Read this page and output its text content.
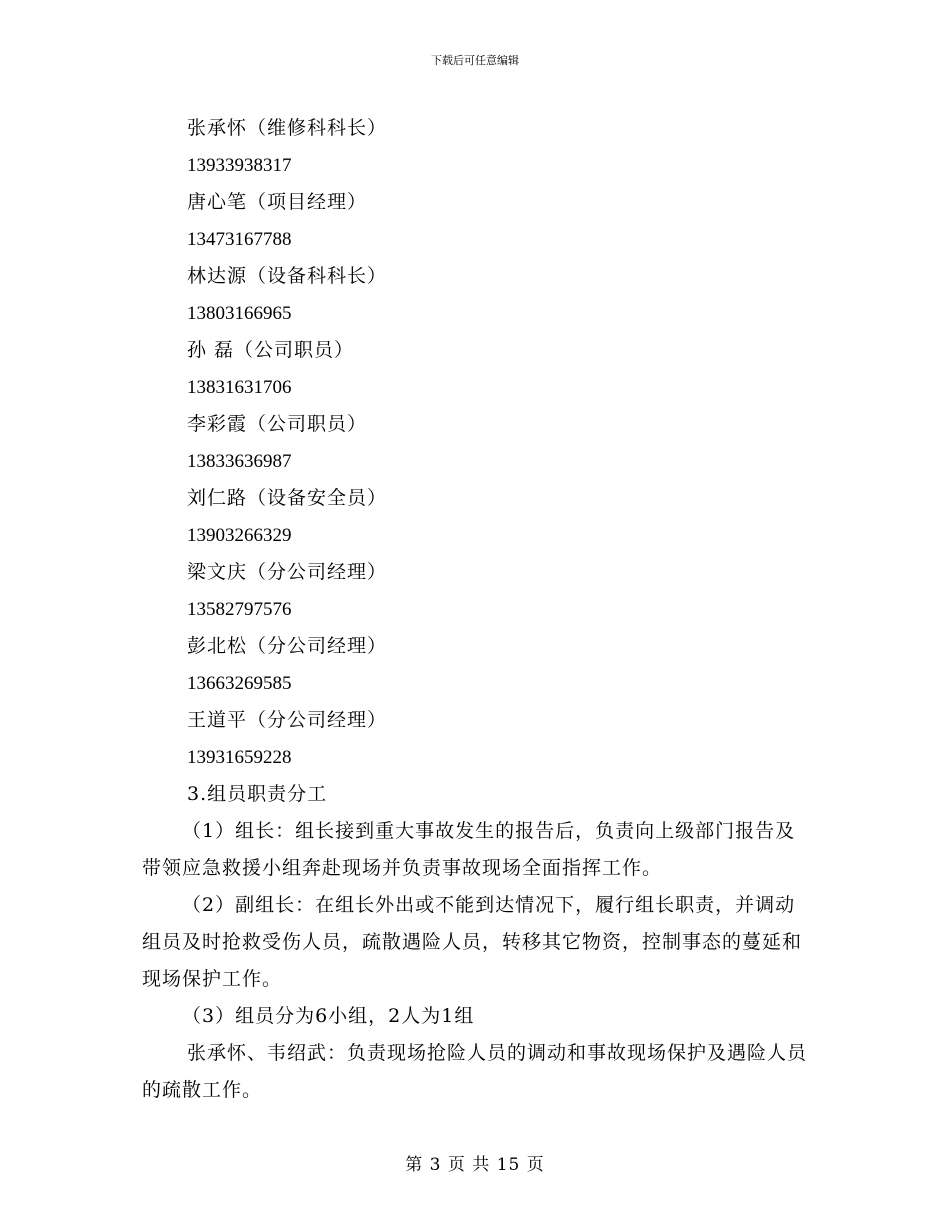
下载后可任意编辑

张承怀（维修科科长）

13933938317

唐心笔（项目经理）

13473167788

林达源（设备科科长）

13803166965

孙 磊（公司职员）

13831631706

李彩霞（公司职员）

13833636987

刘仁路（设备安全员）

13903266329

梁文庆（分公司经理）

13582797576

彭北松（分公司经理）

13663269585

王道平（分公司经理）

13931659228

3.组员职责分工

（1）组长：组长接到重大事故发生的报告后，负责向上级部门报告及带领应急救援小组奔赴现场并负责事故现场全面指挥工作。

（2）副组长：在组长外出或不能到达情况下，履行组长职责，并调动组员及时抢救受伤人员，疏散遇险人员，转移其它物资，控制事态的蔓延和现场保护工作。

（3）组员分为6小组，2人为1组

张承怀、韦绍武：负责现场抢险人员的调动和事故现场保护及遇险人员的疏散工作。

第 3 页 共 15 页
